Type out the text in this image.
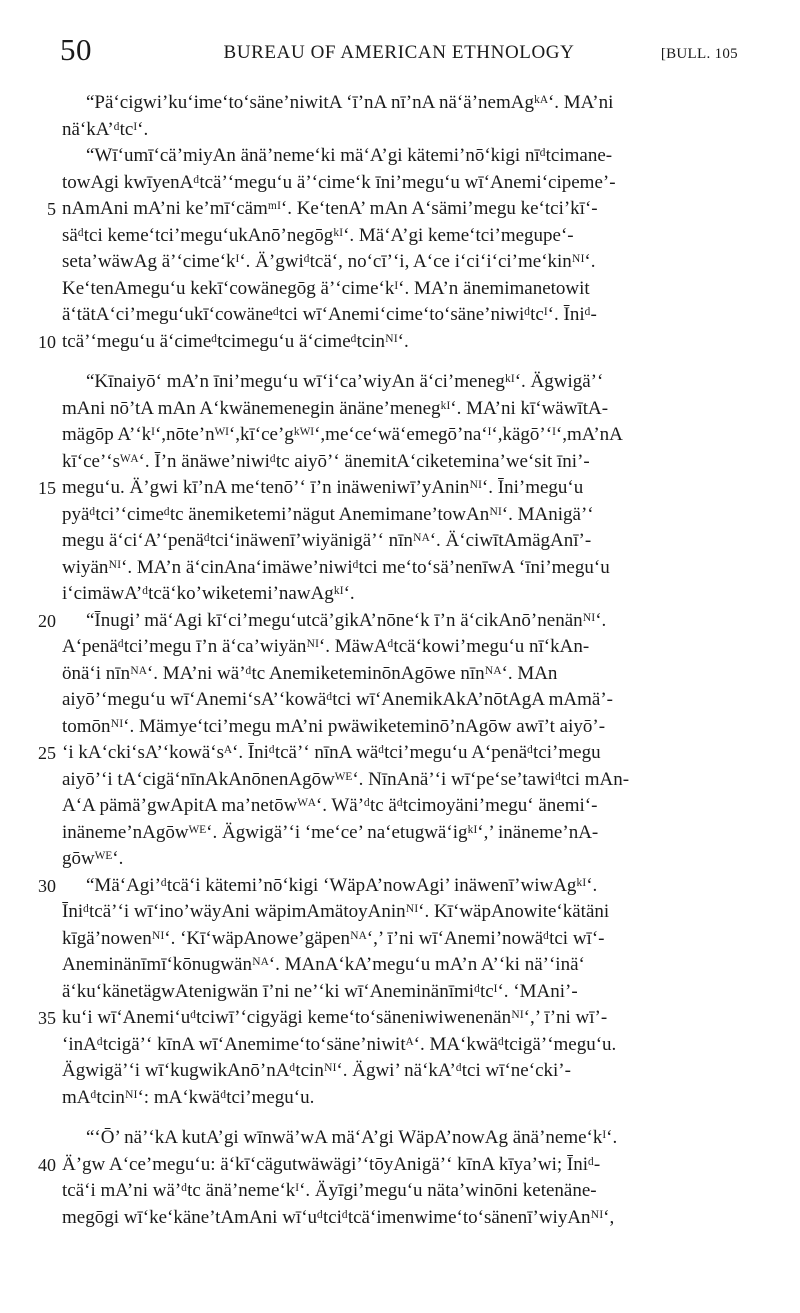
50	BUREAU OF AMERICAN ETHNOLOGY	[BULL. 105
“Pä‘cigwi’ku‘ime‘to‘säne’niwitA ‘ī’nA nī’nA nä‘ä’nemAgᵏᴬ‘. MA’ni
nä‘kA’ᵈtcᴵ‘.
“Wī‘umī‘cä’miyAn änä’neme‘ki mä‘A’gi kätemi’nō‘kigi nīᵈtcimane-
towAgi kwīyenAᵈtcä’‘megu‘u ä’‘cime‘k īni’megu‘u wī‘Anemi‘cipeme’-
5 nAmAni mA’ni ke’mī‘cämᵐᴵ‘. Ke‘tenA’ mAn A‘sämi’megu ke‘tci’kī‘-
säᵈtci keme‘tci’megu‘ukAnō’negōgᵏᴵ‘. Mä‘A’gi keme‘tci’megupe‘-
seta’wäwAg ä’‘cime‘kᴵ‘. Ä’gwiᵈtcä‘, no‘cī’‘i, A‘ce i‘ci‘i‘ci’me‘kinᴺᴵ‘.
Ke‘tenAmegu‘u kekī‘cowänegōg ä’‘cime‘kᴵ‘. MA’n änemimanetowit
ä‘tätA‘ci’megu‘ukī‘cowäneᵈtci wī‘Anemi‘cime‘to‘säne’niwiᵈtcᴵ‘. Īniᵈ-
10 tcä’‘megu‘u ä‘cimeᵈtcimegu‘u ä‘cimeᵈtcinᴺᴵ‘.
“Kīnaiyō‘ mA’n īni’megu‘u wī‘i‘ca’wiyAn ä‘ci’menegᵏᴵ‘. Ägwigä’‘
mAni nō’tA mAn A‘kwänemenegin änäne’menegᵏᴵ‘. MA’ni kī‘wäwītA-
mägōp A’‘kᴵ‘,nōte’nᵂᴵ‘,kī‘ce’gᵏᵂᴵ‘,me‘ce‘wä‘emegō’na‘ᴵ‘,kägō’‘ᴵ‘,mA’nA
kī‘ce’‘sᵂᴬ‘. Ī’n änäwe’niwiᵈtc aiyō’‘ änemitA‘ciketemina’we‘sit īni’-
15 megu‘u. Ä’gwi kī’nA me‘tenō’‘ ī’n inäweniwī’yAninᴺᴵ‘. Īni’megu‘u
pyäᵈtci’‘cimeᵈtc änemiketemi’nägut Anemimane’towAnᴺᴵ‘. MAnigä’‘
megu ä‘ci‘A’‘penäᵈtci‘inäwenī’wiyänigä’‘ nīnᴺᴬ‘. Ä‘ciwītAmägAnī’-
wiyänᴺᴵ‘. MA’n ä‘cinAna‘imäwe’niwiᵈtci me‘to‘sä’nenīwA ‘īni’megu‘u
i‘cimäwA’ᵈtcä‘ko’wiketemi’nawAgᵏᴵ‘.
20 “Īnugi’ mä‘Agi kī‘ci’megu‘utcä’gikA’nōne‘k ī’n ä‘cikAnō’nenänᴺᴵ‘.
A‘penäᵈtci’megu ī’n ä‘ca’wiyänᴺᴵ‘. MäwAᵈtcä‘kowi’megu‘u nī‘kAn-
önä‘i nīnᴺᴬ‘. MA’ni wä’ᵈtc AnemiketeminōnAgōwe nīnᴺᴬ‘. MAn
aiyō’‘megu‘u wī‘Anemi‘sA’‘kowäᵈtci wī‘AnemikAkA’nōtAgA mAmä’-
tomōnᴺᴵ‘. Mämye‘tci’megu mA’ni pwäwiketeminō’nAgōw awī’t aiyō’-
25 ‘i kA‘cki‘sA’‘kowä‘sᴬ‘. Īniᵈtcä’‘ nīnA wäᵈtci’megu‘u A‘penäᵈtci’megu
aiyō’‘i tA‘cigä‘nīnAkAnōnenAgōwᵂᴱ‘. NīnAnä’‘i wī‘pe‘se’tawiᵈtci mAn-
A‘A pämä’gwApitA ma’netōwᵂᴬ‘. Wä’ᵈtc äᵈtcimoyäni’megu‘ änemi‘-
inäneme’nAgōwᵂᴱ‘. Ägwigä’‘i ‘me‘ce’ na‘etugwä‘igᵏᴵ‘,’ inäneme’nA-
gōwᵂᴱ‘.
30 “Mä‘Agi’ᵈtcä‘i kätemi’nō‘kigi ‘WäpA’nowAgi’ inäwenī’wiwAgᵏᴵ‘.
Īniᵈtcä’‘i wī‘ino’wäyAni wäpimAmätoyAninᴺᴵ‘. Kī‘wäpAnowite‘kätäni
kīgä’nowenᴺᴵ‘. ‘Kī‘wäpAnowe’gäpenᴺᴬ‘,’ ī’ni wī‘Anemi’nowäᵈtci wī‘-
Aneminänīmī‘kōnugwänᴺᴬ‘. MAnA‘kA’megu‘u mA’n A’‘ki nä’‘inä‘
ä‘ku‘känetägwAtenigwän ī’ni ne’‘ki wī‘Aneminänīmiᵈtcᴵ‘. ‘MAni’-
35 ku‘i wī‘Anemi‘uᵈtciwī’‘cigyägi keme‘to‘säneniwiwenenänᴺᴵ‘,’ ī’ni wī’-
‘inAᵈtcigä’‘ kīnA wī‘Anemime‘to‘säne’niwitᴬ‘. MA‘kwäᵈtcigä’‘megu‘u.
Ägwigä’‘i wī‘kugwikAnō’nAᵈtcinᴺᴵ‘. Ägwi’ nä‘kA’ᵈtci wī‘ne‘cki’-
mAᵈtcinᴺᴵ‘: mA‘kwäᵈtci’megu‘u.
“‘Ō’ nä’‘kA kutA’gi wīnwä’wA mä‘A’gi WäpA’nowAg änä’neme‘kᴵ‘.
40 Ä’gw A‘ce’megu‘u: ä‘kī‘cägutwäwägi’‘tōyAnigä’‘ kīnA kīya’wi; Īniᵈ-
tcä‘i mA’ni wä’ᵈtc änä’neme‘kᴵ‘. Äyīgi’megu‘u näta’winōni ketenäne-
megōgi wī‘ke‘käne’tAmAni wī‘uᵈtciᵈtcä‘imenwime‘to‘sänenī’wiyAnᴺᴵ‘,
